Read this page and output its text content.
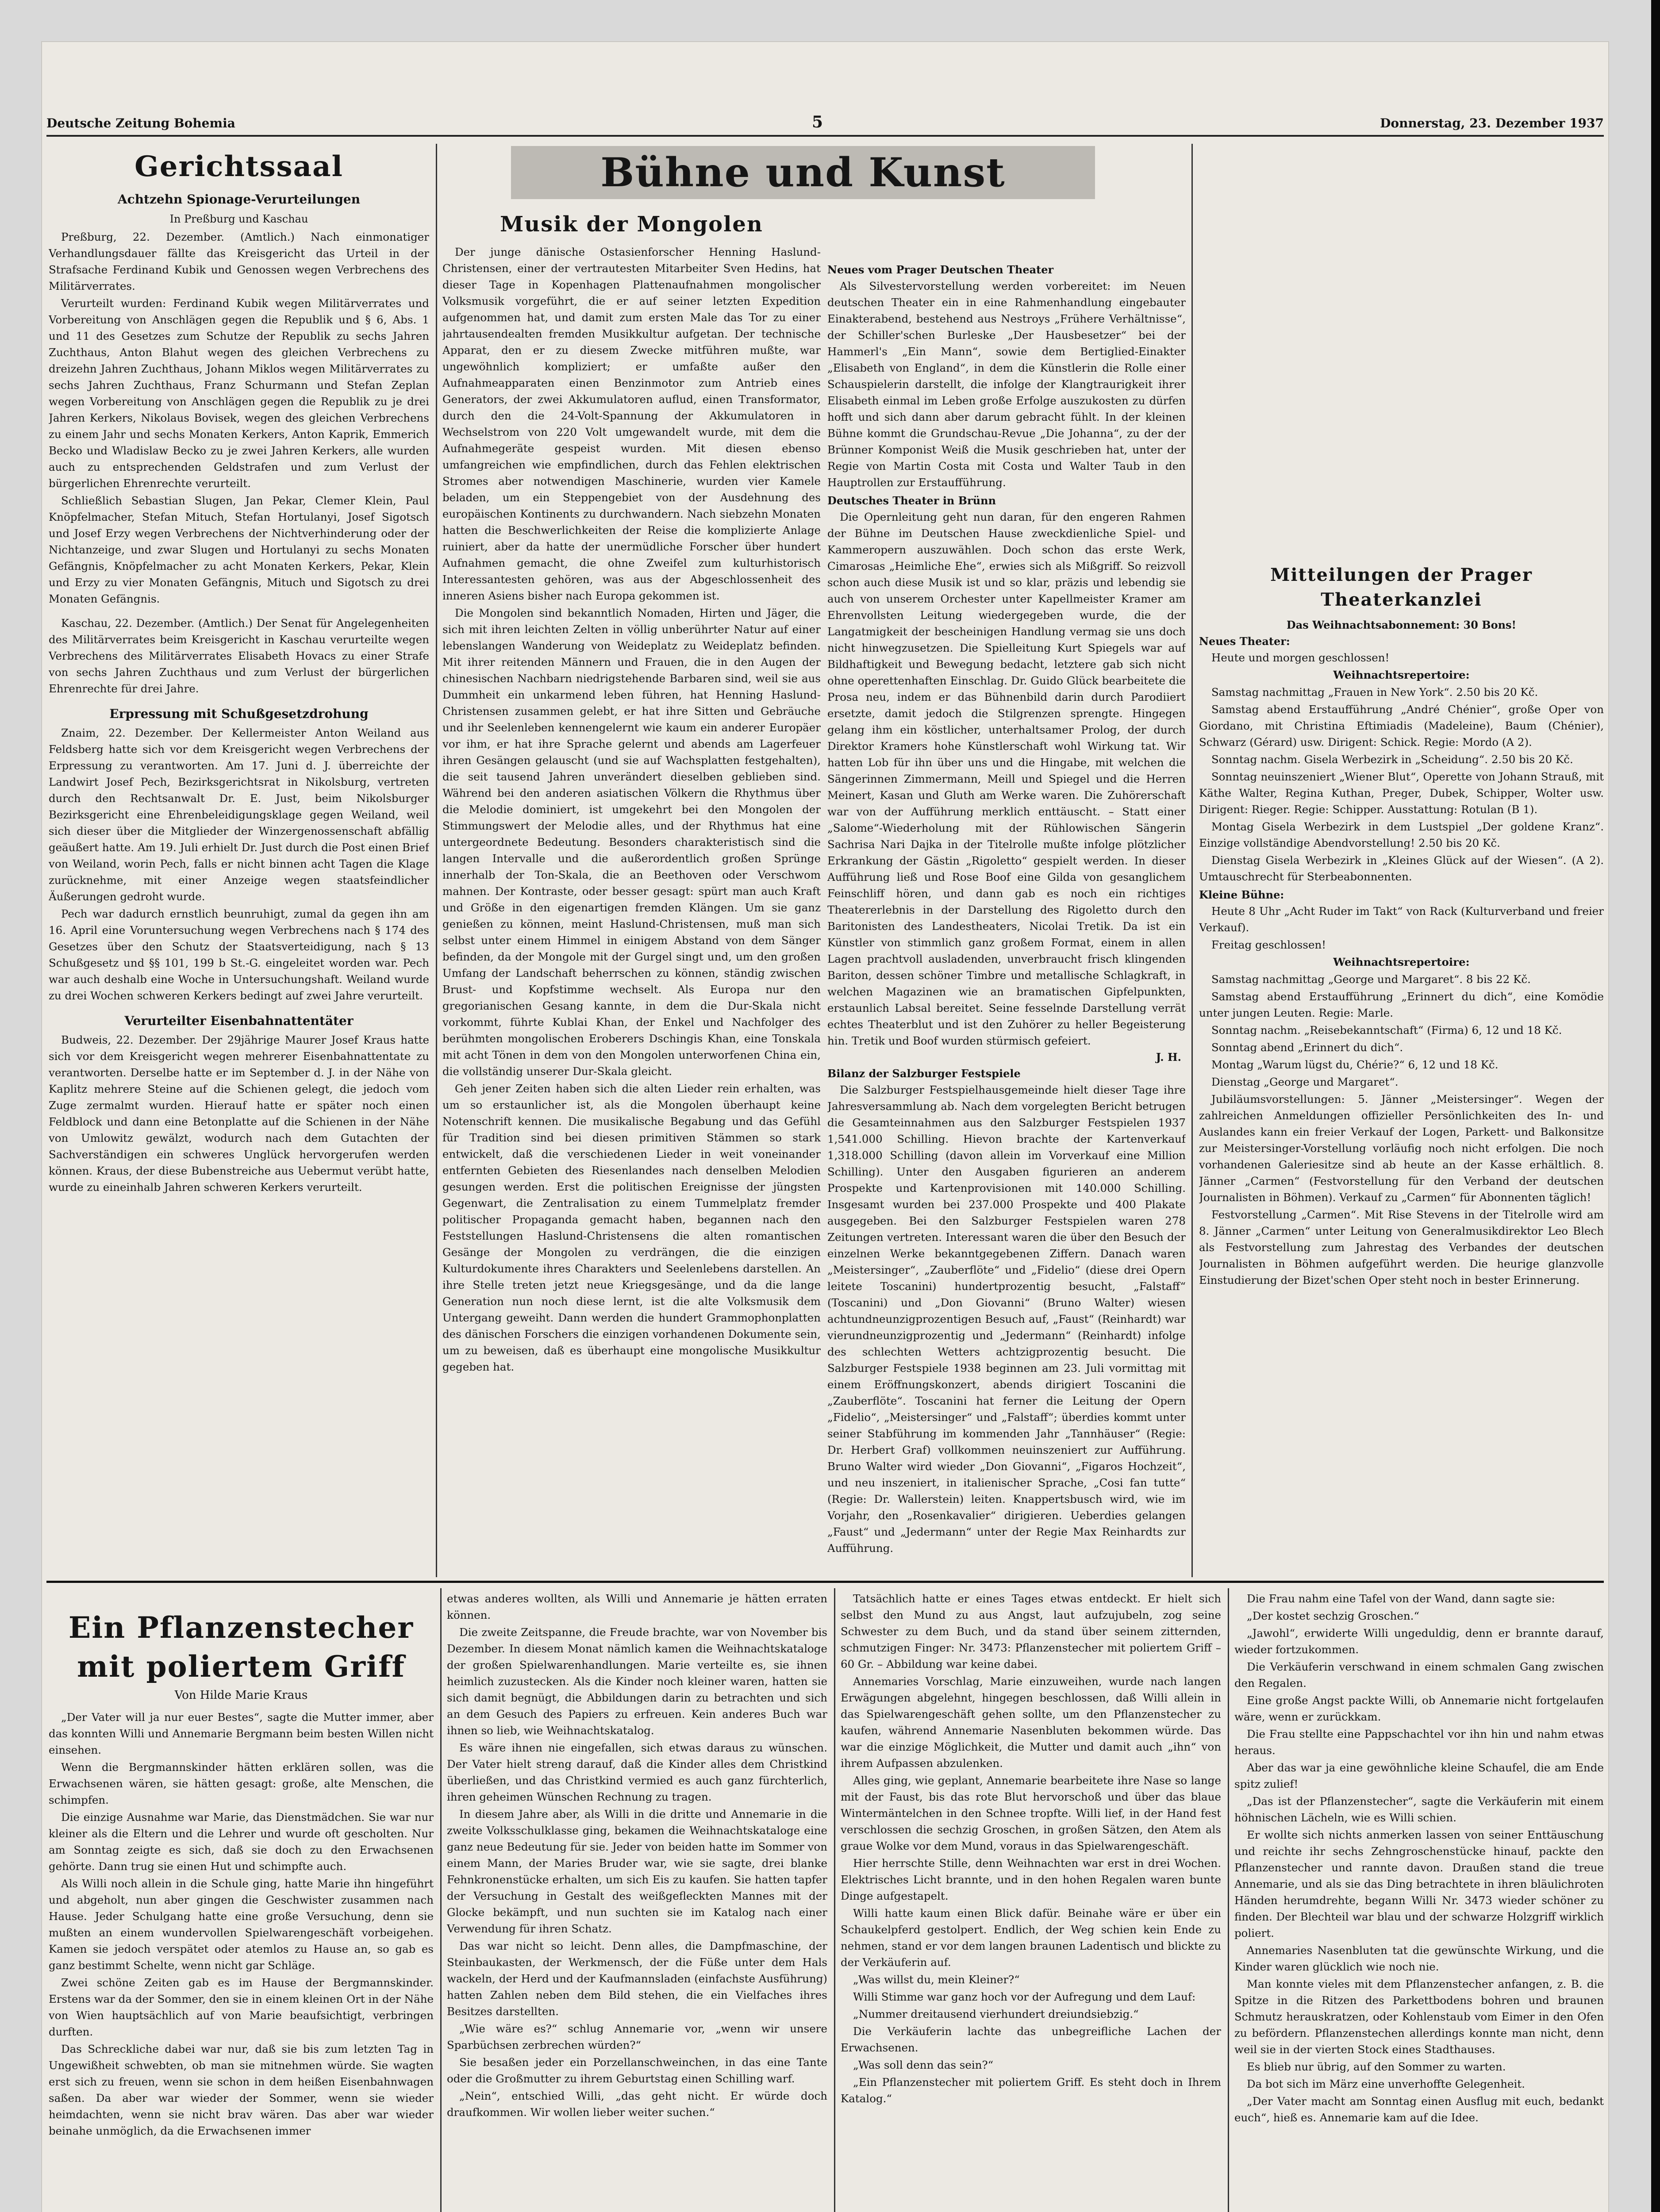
Deutsche Zeitung Bohemia	5	Donnerstag, 23. Dezember 1937
Gerichtssaal
Achtzehn Spionage-Verurteilungen
In Preßburg und Kaschau

Preßburg, 22. Dezember. (Amtlich.) Nach einmonatiger Verhandlungsdauer fällte das Kreisgericht das Urteil in der Strafsache Ferdinand Kubik und Genossen wegen Verbrechens des Militärverrates.

Verurteilt wurden: Ferdinand Kubik wegen Militärverrates und Vorbereitung von Anschlägen gegen die Republik und § 6, Abs. 1 und 11 des Gesetzes zum Schutze der Republik zu sechs Jahren Zuchthaus, Anton Blahut wegen des gleichen Verbrechens zu dreizehn Jahren Zuchthaus, Johann Miklos wegen Militärverrates zu sechs Jahren Zuchthaus, Franz Schurmann und Stefan Zeplan wegen Vorbereitung von Anschlägen gegen die Republik zu je drei Jahren Kerkers, Nikolaus Bovisek, wegen des gleichen Verbrechens zu einem Jahr und sechs Monaten Kerkers, Anton Kaprik, Emmerich Becko und Wladislaw Becko zu je zwei Jahren Kerkers, alle wurden auch zu entsprechenden Geldstrafen und zum Verlust der bürgerlichen Ehrenrechte verurteilt.

Schließlich Sebastian Slugen, Jan Pekar, Clemer Klein, Paul Knöpfelmacher, Stefan Mituch, Stefan Hortulanyi, Josef Sigotsch und Josef Erzy wegen Verbrechens der Nichtverhinderung oder der Nichtanzeige, und zwar Slugen und Hortulanyi zu sechs Monaten Gefängnis, Knöpfelmacher zu acht Monaten Kerkers, Pekar, Klein und Erzy zu vier Monaten Gefängnis, Mituch und Sigotsch zu drei Monaten Gefängnis.

Kaschau, 22. Dezember. (Amtlich.) Der Senat für Angelegenheiten des Militärverrates beim Kreisgericht in Kaschau verurteilte wegen Verbrechens des Militärverrates Elisabeth Hovacs zu einer Strafe von sechs Jahren Zuchthaus und zum Verlust der bürgerlichen Ehrenrechte für drei Jahre.

Erpressung mit Schußgesetzdrohung

Znaim, 22. Dezember. Der Kellermeister Anton Weiland aus Feldsberg hatte sich vor dem Kreisgericht wegen Verbrechens der Erpressung zu verantworten. Am 17. Juni d. J. überreichte der Landwirt Josef Pech, Bezirksgerichtsrat in Nikolsburg, vertreten durch den Rechtsanwalt Dr. E. Just, beim Nikolsburger Bezirksgericht eine Ehrenbeleidigungsklage gegen Weiland, weil sich dieser über die Mitglieder der Winzergenossenschaft abfällig geäußert hatte. Am 19. Juli erhielt Dr. Just durch die Post einen Brief von Weiland, worin Pech, falls er nicht binnen acht Tagen die Klage zurücknehme, mit einer Anzeige wegen staatsfeindlicher Äußerungen gedroht wurde.

Pech war dadurch ernstlich beunruhigt, zumal da gegen ihn am 16. April eine Voruntersuchung wegen Verbrechens nach § 174 des Gesetzes über den Schutz der Staatsverteidigung, nach § 13 Schußgesetz und §§ 101, 199 b St.-G. eingeleitet worden war. Pech war auch deshalb eine Woche in Untersuchungshaft. Weiland wurde zu drei Wochen schweren Kerkers bedingt auf zwei Jahre verurteilt.

Verurteilter Eisenbahnattentäter

Budweis, 22. Dezember. Der 29jährige Maurer Josef Kraus hatte sich vor dem Kreisgericht wegen mehrerer Eisenbahnattentate zu verantworten. Derselbe hatte er im September d. J. in der Nähe von Kaplitz mehrere Steine auf die Schienen gelegt, die jedoch vom Zuge zermalmt wurden. Hierauf hatte er später noch einen Feldblock und dann eine Betonplatte auf die Schienen in der Nähe von Umlowitz gewälzt, wodurch nach dem Gutachten der Sachverständigen ein schweres Unglück hervorgerufen werden können. Kraus, der diese Bubenstreiche aus Uebermut verübt hatte, wurde zu eineinhalb Jahren schweren Kerkers verurteilt.

Bühne und Kunst
Musik der Mongolen

Der junge dänische Ostasienforscher Henning Haslund-Christensen, einer der vertrautesten Mitarbeiter Sven Hedins, hat dieser Tage in Kopenhagen Plattenaufnahmen mongolischer Volksmusik vorgeführt, die er auf seiner letzten Expedition aufgenommen hat, und damit zum ersten Male das Tor zu einer jahrtausendealten fremden Musikkultur aufgetan. Der technische Apparat, den er zu diesem Zwecke mitführen mußte, war ungewöhnlich kompliziert; er umfaßte außer den Aufnahmeapparaten einen Benzinmotor zum Antrieb eines Generators, der zwei Akkumulatoren auflud, einen Transformator, durch den die 24-Volt-Spannung der Akkumulatoren in Wechselstrom von 220 Volt umgewandelt wurde, mit dem die Aufnahmegeräte gespeist wurden. Mit diesen ebenso umfangreichen wie empfindlichen, durch das Fehlen elektrischen Stromes aber notwendigen Maschinerie, wurden vier Kamele beladen, um ein Steppengebiet von der Ausdehnung des europäischen Kontinents zu durchwandern. Nach siebzehn Monaten hatten die Beschwerlichkeiten der Reise die komplizierte Anlage ruiniert, aber da hatte der unermüdliche Forscher über hundert Aufnahmen gemacht, die ohne Zweifel zum kulturhistorisch Interessantesten gehören, was aus der Abgeschlossenheit des inneren Asiens bisher nach Europa gekommen ist.

Die Mongolen sind bekanntlich Nomaden, Hirten und Jäger, die sich mit ihren leichten Zelten in völlig unberührter Natur auf einer lebenslangen Wanderung von Weideplatz zu Weideplatz befinden. Mit ihrer reitenden Männern und Frauen, die in den Augen der chinesischen Nachbarn niedrigstehende Barbaren sind, weil sie aus Dummheit ein unkarmend leben führen, hat Henning Haslund-Christensen zusammen gelebt, er hat ihre Sitten und Gebräuche und ihr Seelenleben kennengelernt wie kaum ein anderer Europäer vor ihm, er hat ihre Sprache gelernt und abends am Lagerfeuer ihren Gesängen gelauscht (und sie auf Wachsplatten festgehalten), die seit tausend Jahren unverändert dieselben geblieben sind. Während bei den anderen asiatischen Völkern die Rhythmus über die Melodie dominiert, ist umgekehrt bei den Mongolen der Stimmungswert der Melodie alles, und der Rhythmus hat eine untergeordnete Bedeutung. Besonders charakteristisch sind die langen Intervalle und die außerordentlich großen Sprünge innerhalb der Ton-Skala, die an Beethoven oder Verschwom mahnen. Der Kontraste, oder besser gesagt: spürt man auch Kraft und Größe in den eigenartigen fremden Klängen. Um sie ganz genießen zu können, meint Haslund-Christensen, muß man sich selbst unter einem Himmel in einigem Abstand von dem Sänger befinden, da der Mongole mit der Gurgel singt und, um den großen Umfang der Landschaft beherrschen zu können, ständig zwischen Brust- und Kopfstimme wechselt. Als Europa nur den gregorianischen Gesang kannte, in dem die Dur-Skala nicht vorkommt, führte Kublai Khan, der Enkel und Nachfolger des berühmten mongolischen Eroberers Dschingis Khan, eine Tonskala mit acht Tönen in dem von den Mongolen unterworfenen China ein, die vollständig unserer Dur-Skala gleicht.

Geh jener Zeiten haben sich die alten Lieder rein erhalten, was um so erstaunlicher ist, als die Mongolen überhaupt keine Notenschrift kennen. Die musikalische Begabung und das Gefühl für Tradition sind bei diesen primitiven Stämmen so stark entwickelt, daß die verschiedenen Lieder in weit voneinander entfernten Gebieten des Riesenlandes nach denselben Melodien gesungen werden. Erst die politischen Ereignisse der jüngsten Gegenwart, die Zentralisation zu einem Tummelplatz fremder politischer Propaganda gemacht haben, begannen nach den Feststellungen Haslund-Christensens die alten romantischen Gesänge der Mongolen zu verdrängen, die die einzigen Kulturdokumente ihres Charakters und Seelenlebens darstellen. An ihre Stelle treten jetzt neue Kriegsgesänge, und da die lange Generation nun noch diese lernt, ist die alte Volksmusik dem Untergang geweiht. Dann werden die hundert Grammophonplatten des dänischen Forschers die einzigen vorhandenen Dokumente sein, um zu beweisen, daß es überhaupt eine mongolische Musikkultur gegeben hat.

Neues vom Prager Deutschen Theater

Als Silvestervorstellung werden vorbereitet: im Neuen deutschen Theater ein in eine Rahmenhandlung eingebauter Einakterabend, bestehend aus Nestroys „Frühere Verhältnisse“, der Schiller'schen Burleske „Der Hausbesetzer“ bei der Hammerl's „Ein Mann“, sowie dem Bertiglied-Einakter „Elisabeth von England“, in dem die Künstlerin die Rolle einer Schauspielerin darstellt, die infolge der Klangtraurigkeit ihrer Elisabeth einmal im Leben große Erfolge auszukosten zu dürfen hofft und sich dann aber darum gebracht fühlt. In der kleinen Bühne kommt die Grundschau-Revue „Die Johanna“, zu der der Brünner Komponist Weiß die Musik geschrieben hat, unter der Regie von Martin Costa mit Costa und Walter Taub in den Hauptrollen zur Erstaufführung.

Deutsches Theater in Brünn

Die Opernleitung geht nun daran, für den engeren Rahmen der Bühne im Deutschen Hause zweckdienliche Spiel- und Kammeropern auszuwählen. Doch schon das erste Werk, Cimarosas „Heimliche Ehe“, erwies sich als Mißgriff. So reizvoll schon auch diese Musik ist und so klar, präzis und lebendig sie auch von unserem Orchester unter Kapellmeister Kramer am Ehrenvollsten Leitung wiedergegeben wurde, die der Langatmigkeit der bescheinigen Handlung vermag sie uns doch nicht hinwegzusetzen. Die Spielleitung Kurt Spiegels war auf Bildhaftigkeit und Bewegung bedacht, letztere gab sich nicht ohne operettenhaften Einschlag. Dr. Guido Glück bearbeitete die Prosa neu, indem er das Bühnenbild darin durch Parodiiert ersetzte, damit jedoch die Stilgrenzen sprengte. Hingegen gelang ihm ein köstlicher, unterhaltsamer Prolog, der durch Direktor Kramers hohe Künstlerschaft wohl Wirkung tat. Wir hatten Lob für ihn über uns und die Hingabe, mit welchen die Sängerinnen Zimmermann, Meill und Spiegel und die Herren Meinert, Kasan und Gluth am Werke waren. Die Zuhörerschaft war von der Aufführung merklich enttäuscht. – Statt einer „Salome“-Wiederholung mit der Rühlowischen Sängerin Sachrisa Nari Dajka in der Titelrolle mußte infolge plötzlicher Erkrankung der Gästin „Rigoletto“ gespielt werden. In dieser Aufführung ließ und Rose Boof eine Gilda von gesanglichem Feinschliff hören, und dann gab es noch ein richtiges Theatererlebnis in der Darstellung des Rigoletto durch den Baritonisten des Landestheaters, Nicolai Tretik. Da ist ein Künstler von stimmlich ganz großem Format, einem in allen Lagen prachtvoll ausladenden, unverbraucht frisch klingenden Bariton, dessen schöner Timbre und metallische Schlagkraft, in welchen Magazinen wie an bramatischen Gipfelpunkten, erstaunlich Labsal bereitet. Seine fesselnde Darstellung verrät echtes Theaterblut und ist den Zuhörer zu heller Begeisterung hin. Tretik und Boof wurden stürmisch gefeiert.

J. H.
Bilanz der Salzburger Festspiele

Die Salzburger Festspielhausgemeinde hielt dieser Tage ihre Jahresversammlung ab. Nach dem vorgelegten Bericht betrugen die Gesamteinnahmen aus den Salzburger Festspielen 1937 1,541.000 Schilling. Hievon brachte der Kartenverkauf 1,318.000 Schilling (davon allein im Vorverkauf eine Million Schilling). Unter den Ausgaben figurieren an anderem Prospekte und Kartenprovisionen mit 140.000 Schilling. Insgesamt wurden bei 237.000 Prospekte und 400 Plakate ausgegeben. Bei den Salzburger Festspielen waren 278 Zeitungen vertreten. Interessant waren die über den Besuch der einzelnen Werke bekanntgegebenen Ziffern. Danach waren „Meistersinger“, „Zauberflöte“ und „Fidelio“ (diese drei Opern leitete Toscanini) hundertprozentig besucht, „Falstaff“ (Toscanini) und „Don Giovanni“ (Bruno Walter) wiesen achtundneunzigprozentigen Besuch auf, „Faust“ (Reinhardt) war vierundneunzigprozentig und „Jedermann“ (Reinhardt) infolge des schlechten Wetters achtzigprozentig besucht. Die Salzburger Festspiele 1938 beginnen am 23. Juli vormittag mit einem Eröffnungskonzert, abends dirigiert Toscanini die „Zauberflöte“. Toscanini hat ferner die Leitung der Opern „Fidelio“, „Meistersinger“ und „Falstaff“; überdies kommt unter seiner Stabführung im kommenden Jahr „Tannhäuser“ (Regie: Dr. Herbert Graf) vollkommen neuinszeniert zur Aufführung. Bruno Walter wird wieder „Don Giovanni“, „Figaros Hochzeit“, und neu inszeniert, in italienischer Sprache, „Cosi fan tutte“ (Regie: Dr. Wallerstein) leiten. Knappertsbusch wird, wie im Vorjahr, den „Rosenkavalier“ dirigieren. Ueberdies gelangen „Faust“ und „Jedermann“ unter der Regie Max Reinhardts zur Aufführung.

Mitteilungen der Prager Theaterkanzlei
Das Weihnachtsabonnement: 30 Bons!
Neues Theater:

Heute und morgen geschlossen!

Weihnachtsrepertoire:

Samstag nachmittag „Frauen in New York“. 2.50 bis 20 Kč.

Samstag abend Erstaufführung „André Chénier“, große Oper von Giordano, mit Christina Eftimiadis (Madeleine), Baum (Chénier), Schwarz (Gérard) usw. Dirigent: Schick. Regie: Mordo (A 2).

Sonntag nachm. Gisela Werbezirk in „Scheidung“. 2.50 bis 20 Kč.

Sonntag neuinszeniert „Wiener Blut“, Operette von Johann Strauß, mit Käthe Walter, Regina Kuthan, Preger, Dubek, Schipper, Wolter usw. Dirigent: Rieger. Regie: Schipper. Ausstattung: Rotulan (B 1).

Montag Gisela Werbezirk in dem Lustspiel „Der goldene Kranz“. Einzige vollständige Abendvorstellung! 2.50 bis 20 Kč.

Dienstag Gisela Werbezirk in „Kleines Glück auf der Wiesen“. (A 2). Umtauschrecht für Sterbeabonnenten.

Kleine Bühne:

Heute 8 Uhr „Acht Ruder im Takt“ von Rack (Kulturverband und freier Verkauf).

Freitag geschlossen!

Weihnachtsrepertoire:

Samstag nachmittag „George und Margaret“. 8 bis 22 Kč.

Samstag abend Erstaufführung „Erinnert du dich“, eine Komödie unter jungen Leuten. Regie: Marle.

Sonntag nachm. „Reisebekanntschaft“ (Firma) 6, 12 und 18 Kč.

Sonntag abend „Erinnert du dich“.

Montag „Warum lügst du, Chérie?“ 6, 12 und 18 Kč.

Dienstag „George und Margaret“.

Jubiläumsvorstellungen: 5. Jänner „Meistersinger“. Wegen der zahlreichen Anmeldungen offizieller Persönlichkeiten des In- und Auslandes kann ein freier Verkauf der Logen, Parkett- und Balkonsitze zur Meistersinger-Vorstellung vorläufig noch nicht erfolgen. Die noch vorhandenen Galeriesitze sind ab heute an der Kasse erhältlich. 8. Jänner „Carmen“ (Festvorstellung für den Verband der deutschen Journalisten in Böhmen). Verkauf zu „Carmen“ für Abonnenten täglich!

Festvorstellung „Carmen“. Mit Rise Stevens in der Titelrolle wird am 8. Jänner „Carmen“ unter Leitung von Generalmusikdirektor Leo Blech als Festvorstellung zum Jahrestag des Verbandes der deutschen Journalisten in Böhmen aufgeführt werden. Die heurige glanzvolle Einstudierung der Bizet'schen Oper steht noch in bester Erinnerung.

Ein Pflanzenstecher
mit poliertem Griff
Von Hilde Marie Kraus

„Der Vater will ja nur euer Bestes“, sagte die Mutter immer, aber das konnten Willi und Annemarie Bergmann beim besten Willen nicht einsehen.

Wenn die Bergmannskinder hätten erklären sollen, was die Erwachsenen wären, sie hätten gesagt: große, alte Menschen, die schimpfen.

Die einzige Ausnahme war Marie, das Dienstmädchen. Sie war nur kleiner als die Eltern und die Lehrer und wurde oft gescholten. Nur am Sonntag zeigte es sich, daß sie doch zu den Erwachsenen gehörte. Dann trug sie einen Hut und schimpfte auch.

Als Willi noch allein in die Schule ging, hatte Marie ihn hingeführt und abgeholt, nun aber gingen die Geschwister zusammen nach Hause. Jeder Schulgang hatte eine große Versuchung, denn sie mußten an einem wundervollen Spielwarengeschäft vorbeigehen. Kamen sie jedoch verspätet oder atemlos zu Hause an, so gab es ganz bestimmt Schelte, wenn nicht gar Schläge.

Zwei schöne Zeiten gab es im Hause der Bergmannskinder. Erstens war da der Sommer, den sie in einem kleinen Ort in der Nähe von Wien hauptsächlich auf von Marie beaufsichtigt, verbringen durften.

Das Schreckliche dabei war nur, daß sie bis zum letzten Tag in Ungewißheit schwebten, ob man sie mitnehmen würde. Sie wagten erst sich zu freuen, wenn sie schon in dem heißen Eisenbahnwagen saßen. Da aber war wieder der Sommer, wenn sie wieder heimdachten, wenn sie nicht brav wären. Das aber war wieder beinahe unmöglich, da die Erwachsenen immer

etwas anderes wollten, als Willi und Annemarie je hätten erraten können.

Die zweite Zeitspanne, die Freude brachte, war von November bis Dezember. In diesem Monat nämlich kamen die Weihnachtskataloge der großen Spielwarenhandlungen. Marie verteilte es, sie ihnen heimlich zuzustecken. Als die Kinder noch kleiner waren, hatten sie sich damit begnügt, die Abbildungen darin zu betrachten und sich an dem Gesuch des Papiers zu erfreuen. Kein anderes Buch war ihnen so lieb, wie Weihnachtskatalog.

Es wäre ihnen nie eingefallen, sich etwas daraus zu wünschen. Der Vater hielt streng darauf, daß die Kinder alles dem Christkind überließen, und das Christkind vermied es auch ganz fürchterlich, ihren geheimen Wünschen Rechnung zu tragen.

In diesem Jahre aber, als Willi in die dritte und Annemarie in die zweite Volksschulklasse ging, bekamen die Weihnachtskataloge eine ganz neue Bedeutung für sie. Jeder von beiden hatte im Sommer von einem Mann, der Maries Bruder war, wie sie sagte, drei blanke Fehnkronenstücke erhalten, um sich Eis zu kaufen. Sie hatten tapfer der Versuchung in Gestalt des weißgefleckten Mannes mit der Glocke bekämpft, und nun suchten sie im Katalog nach einer Verwendung für ihren Schatz.

Das war nicht so leicht. Denn alles, die Dampfmaschine, der Steinbaukasten, der Werkmensch, der die Füße unter dem Hals wackeln, der Herd und der Kaufmannsladen (einfachste Ausführung) hatten Zahlen neben dem Bild stehen, die ein Vielfaches ihres Besitzes darstellten.

„Wie wäre es?“ schlug Annemarie vor, „wenn wir unsere Sparbüchsen zerbrechen würden?“

Sie besaßen jeder ein Porzellanschweinchen, in das eine Tante oder die Großmutter zu ihrem Geburtstag einen Schilling warf.

„Nein“, entschied Willi, „das geht nicht. Er würde doch draufkommen. Wir wollen lieber weiter suchen.“

Tatsächlich hatte er eines Tages etwas entdeckt. Er hielt sich selbst den Mund zu aus Angst, laut aufzujubeln, zog seine Schwester zu dem Buch, und da stand über seinem zitternden, schmutzigen Finger: Nr. 3473: Pflanzenstecher mit poliertem Griff – 60 Gr. – Abbildung war keine dabei.

Annemaries Vorschlag, Marie einzuweihen, wurde nach langen Erwägungen abgelehnt, hingegen beschlossen, daß Willi allein in das Spielwarengeschäft gehen sollte, um den Pflanzenstecher zu kaufen, während Annemarie Nasenbluten bekommen würde. Das war die einzige Möglichkeit, die Mutter und damit auch „ihn“ von ihrem Aufpassen abzulenken.

Alles ging, wie geplant, Annemarie bearbeitete ihre Nase so lange mit der Faust, bis das rote Blut hervorschoß und über das blaue Wintermäntelchen in den Schnee tropfte. Willi lief, in der Hand fest verschlossen die sechzig Groschen, in großen Sätzen, den Atem als graue Wolke vor dem Mund, voraus in das Spielwarengeschäft.

Hier herrschte Stille, denn Weihnachten war erst in drei Wochen. Elektrisches Licht brannte, und in den hohen Regalen waren bunte Dinge aufgestapelt.

Willi hatte kaum einen Blick dafür. Beinahe wäre er über ein Schaukelpferd gestolpert. Endlich, der Weg schien kein Ende zu nehmen, stand er vor dem langen braunen Ladentisch und blickte zu der Verkäuferin auf.

„Was willst du, mein Kleiner?“

Willi Stimme war ganz hoch vor der Aufregung und dem Lauf:

„Nummer dreitausend vierhundert dreiundsiebzig.“

Die Verkäuferin lachte das unbegreifliche Lachen der Erwachsenen.

„Was soll denn das sein?“

„Ein Pflanzenstecher mit poliertem Griff. Es steht doch in Ihrem Katalog.“

Die Frau nahm eine Tafel von der Wand, dann sagte sie:

„Der kostet sechzig Groschen.“

„Jawohl“, erwiderte Willi ungeduldig, denn er brannte darauf, wieder fortzukommen.

Die Verkäuferin verschwand in einem schmalen Gang zwischen den Regalen.

Eine große Angst packte Willi, ob Annemarie nicht fortgelaufen wäre, wenn er zurückkam.

Die Frau stellte eine Pappschachtel vor ihn hin und nahm etwas heraus.

Aber das war ja eine gewöhnliche kleine Schaufel, die am Ende spitz zulief!

„Das ist der Pflanzenstecher“, sagte die Verkäuferin mit einem höhnischen Lächeln, wie es Willi schien.

Er wollte sich nichts anmerken lassen von seiner Enttäuschung und reichte ihr sechs Zehngroschenstücke hinauf, packte den Pflanzenstecher und rannte davon. Draußen stand die treue Annemarie, und als sie das Ding betrachtete in ihren bläulichroten Händen herumdrehte, begann Willi Nr. 3473 wieder schöner zu finden. Der Blechteil war blau und der schwarze Holzgriff wirklich poliert.

Annemaries Nasenbluten tat die gewünschte Wirkung, und die Kinder waren glücklich wie noch nie.

Man konnte vieles mit dem Pflanzenstecher anfangen, z. B. die Spitze in die Ritzen des Parkettbodens bohren und braunen Schmutz herauskratzen, oder Kohlenstaub vom Eimer in den Ofen zu befördern. Pflanzenstechen allerdings konnte man nicht, denn weil sie in der vierten Stock eines Stadthauses.

Es blieb nur übrig, auf den Sommer zu warten.

Da bot sich im März eine unverhoffte Gelegenheit.

„Der Vater macht am Sonntag einen Ausflug mit euch, bedankt euch“, hieß es. Annemarie kam auf die Idee.
